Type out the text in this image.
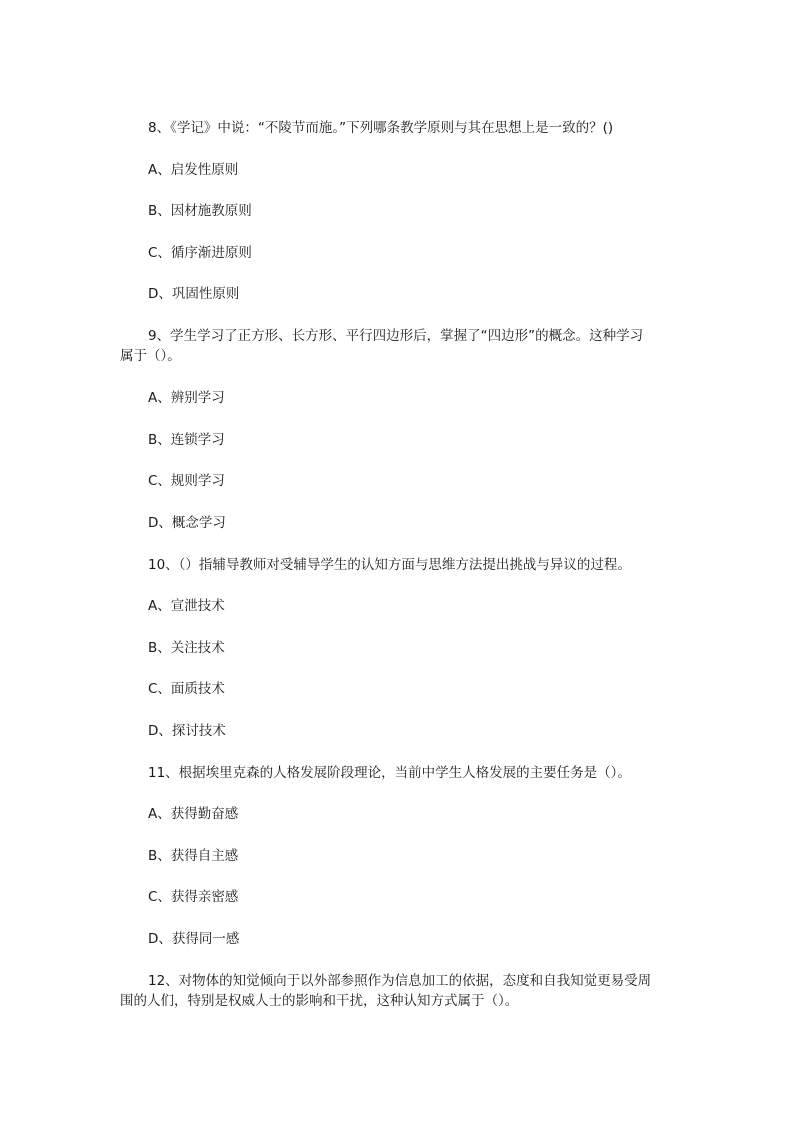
8、《学记》中说：“不陵节而施。”下列哪条教学原则与其在思想上是一致的？()
A、启发性原则
B、因材施教原则
C、循序渐进原则
D、巩固性原则
9、学生学习了正方形、长方形、平行四边形后，掌握了“四边形”的概念。这种学习
属于（）。
A、辨别学习
B、连锁学习
C、规则学习
D、概念学习
10、（）指辅导教师对受辅导学生的认知方面与思维方法提出挑战与异议的过程。
A、宣泄技术
B、关注技术
C、面质技术
D、探讨技术
11、根据埃里克森的人格发展阶段理论，当前中学生人格发展的主要任务是（）。
A、获得勤奋感
B、获得自主感
C、获得亲密感
D、获得同一感
12、对物体的知觉倾向于以外部参照作为信息加工的依据，态度和自我知觉更易受周
围的人们，特别是权威人士的影响和干扰，这种认知方式属于（）。
